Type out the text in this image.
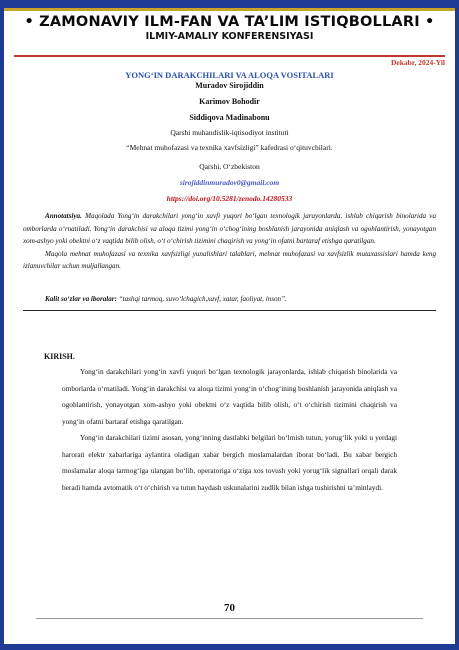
• ZAMONAVIY ILM-FAN VA TA’LIM ISTIQBOLLARI •
ILMIY-AMALIY KONFERENSIYASI
Dekabr, 2024-Yil
YONG‘IN DARAKCHILARI VA ALOQA VOSITALARI
Muradov Sirojiddin
Karimov Bohodir
Siddiqova Madinabonu
Qarshi muhandislik-iqtisodiyot instituti
“Mehnat muhofazasi va texnika xavfsizligi” kafedrasi o‘qituvchilari.
Qarshi, O‘zbekiston
sirojiddinmuradov0@gmail.com
https://doi.org/10.5281/zenodo.14280533

Annotatsiya. Maqolada Yong‘in darakchilari yong‘in xavfi yuqori bo‘lgan texnologik jarayonlarda, ishlab chiqarish binolarida va omborlarda o‘rnatiladi. Yong‘in darakchisi va aloqa tizimi yong‘in o‘chog‘ining boshlanish jarayonida aniqlash va ogohlantirish, yonayotgan xom-ashyo yoki obektni o‘z vaqtida bilib olish, o‘t o‘chirish tizimini chaqirish va yong‘in ofatni bartaraf etishga qaratilgan.

Maqola mehnat muhofazasi va texnika xavfsizligi yunalishlari talablari, mehnat muhofazasi va xavfsizlik mutaxassislari hamda keng izlanuvchilar uchun muljallangan.

Kalit so‘zlar va iboralar: “tashqi tarmoq, suvo‘lchagich,xavf, xatar, faoliyat, inson”.
KIRISH.

Yong‘in darakchilari yong‘in xavfi yuqori bo‘lgan texnologik jarayonlarda, ishlab chiqarish binolarida va omborlarda o‘rnatiladi. Yong‘in darakchisi va aloqa tizimi yong‘in o‘chog‘ining boshlanish jarayonida aniqlash va ogohlantirish, yonayotgan xom-ashyo yoki obektni o‘z vaqtida bilib olish, o‘t o‘chirish tizimini chaqirish va yong‘in ofatni bartaraf etishga qaratilgan.

Yong‘in darakchilari tizimi asosan, yong‘inning dastlabki belgilari bo‘lmish tutun, yorug‘lik yoki u yerdagi harorati elektr xabarlariga aylantira oladigan xabar bergich moslamalardan iborat bo‘ladi. Bu xabar bergich moslamalar aloqa tarmog‘iga ulangan bo‘lib, operatoriga o‘ziga xos tovush yoki yorug‘lik signallari orqali darak beradi hamda avtomatik o‘t o‘chirish va tutun haydash uskunalarini zudlik bilan ishga tushirishni ta’minlaydi.

70
